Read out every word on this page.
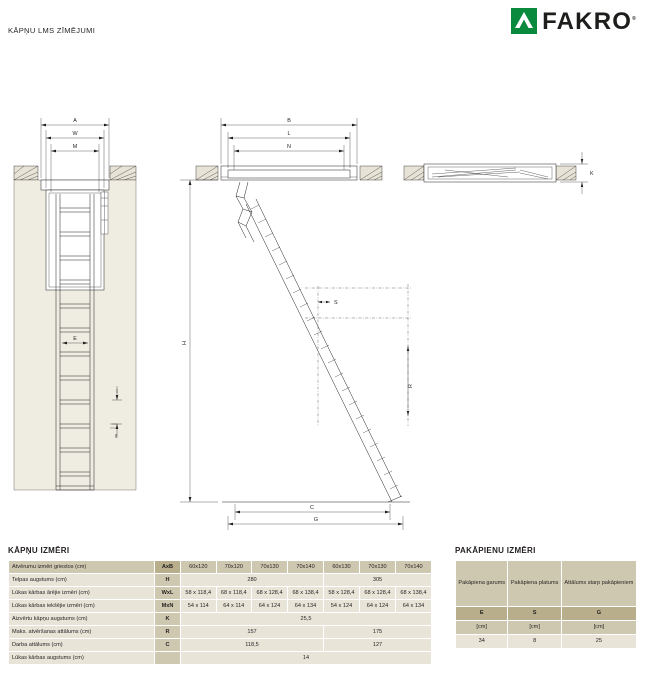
KĀPŅU LMS ZĪMĒJUMI	FAKRO®
A
W
M
E
I
f
B
L
N
H
S
R
C
G
K
KĀPŅU IZMĒRI
Atvērumu izmēri griestos (cm)	AxB	60x120	70x120	70x130	70x140	60x130	70x130	70x140
Telpas augstums (cm)	H	280				305		
Lūkas kārbas ārējie izmēri (cm)	WxL	58 x 118,4	68 x 118,4	68 x 128,4	68 x 138,4	58 x 128,4	68 x 128,4	68 x 138,4
Lūkas kārbas iekšējie izmēri (cm)	MxN	54 x 114	64 x 114	64 x 124	64 x 134	54 x 124	64 x 124	64 x 134
Aizvērtu kāpņu augstums (cm)	K	25,5						
Maks. atvēršanas attālums (cm)	R	157				175		
Darba attālums (cm)	C	118,5				127		
Lūkas kārbas augstums (cm)		14						
PAKĀPIENU IZMĒRI
Pakāpiena garums	Pakāpiena platums	Attālums starp pakāpieniem
E	S	G
[cm]	[cm]	[cm]
34	8	25
